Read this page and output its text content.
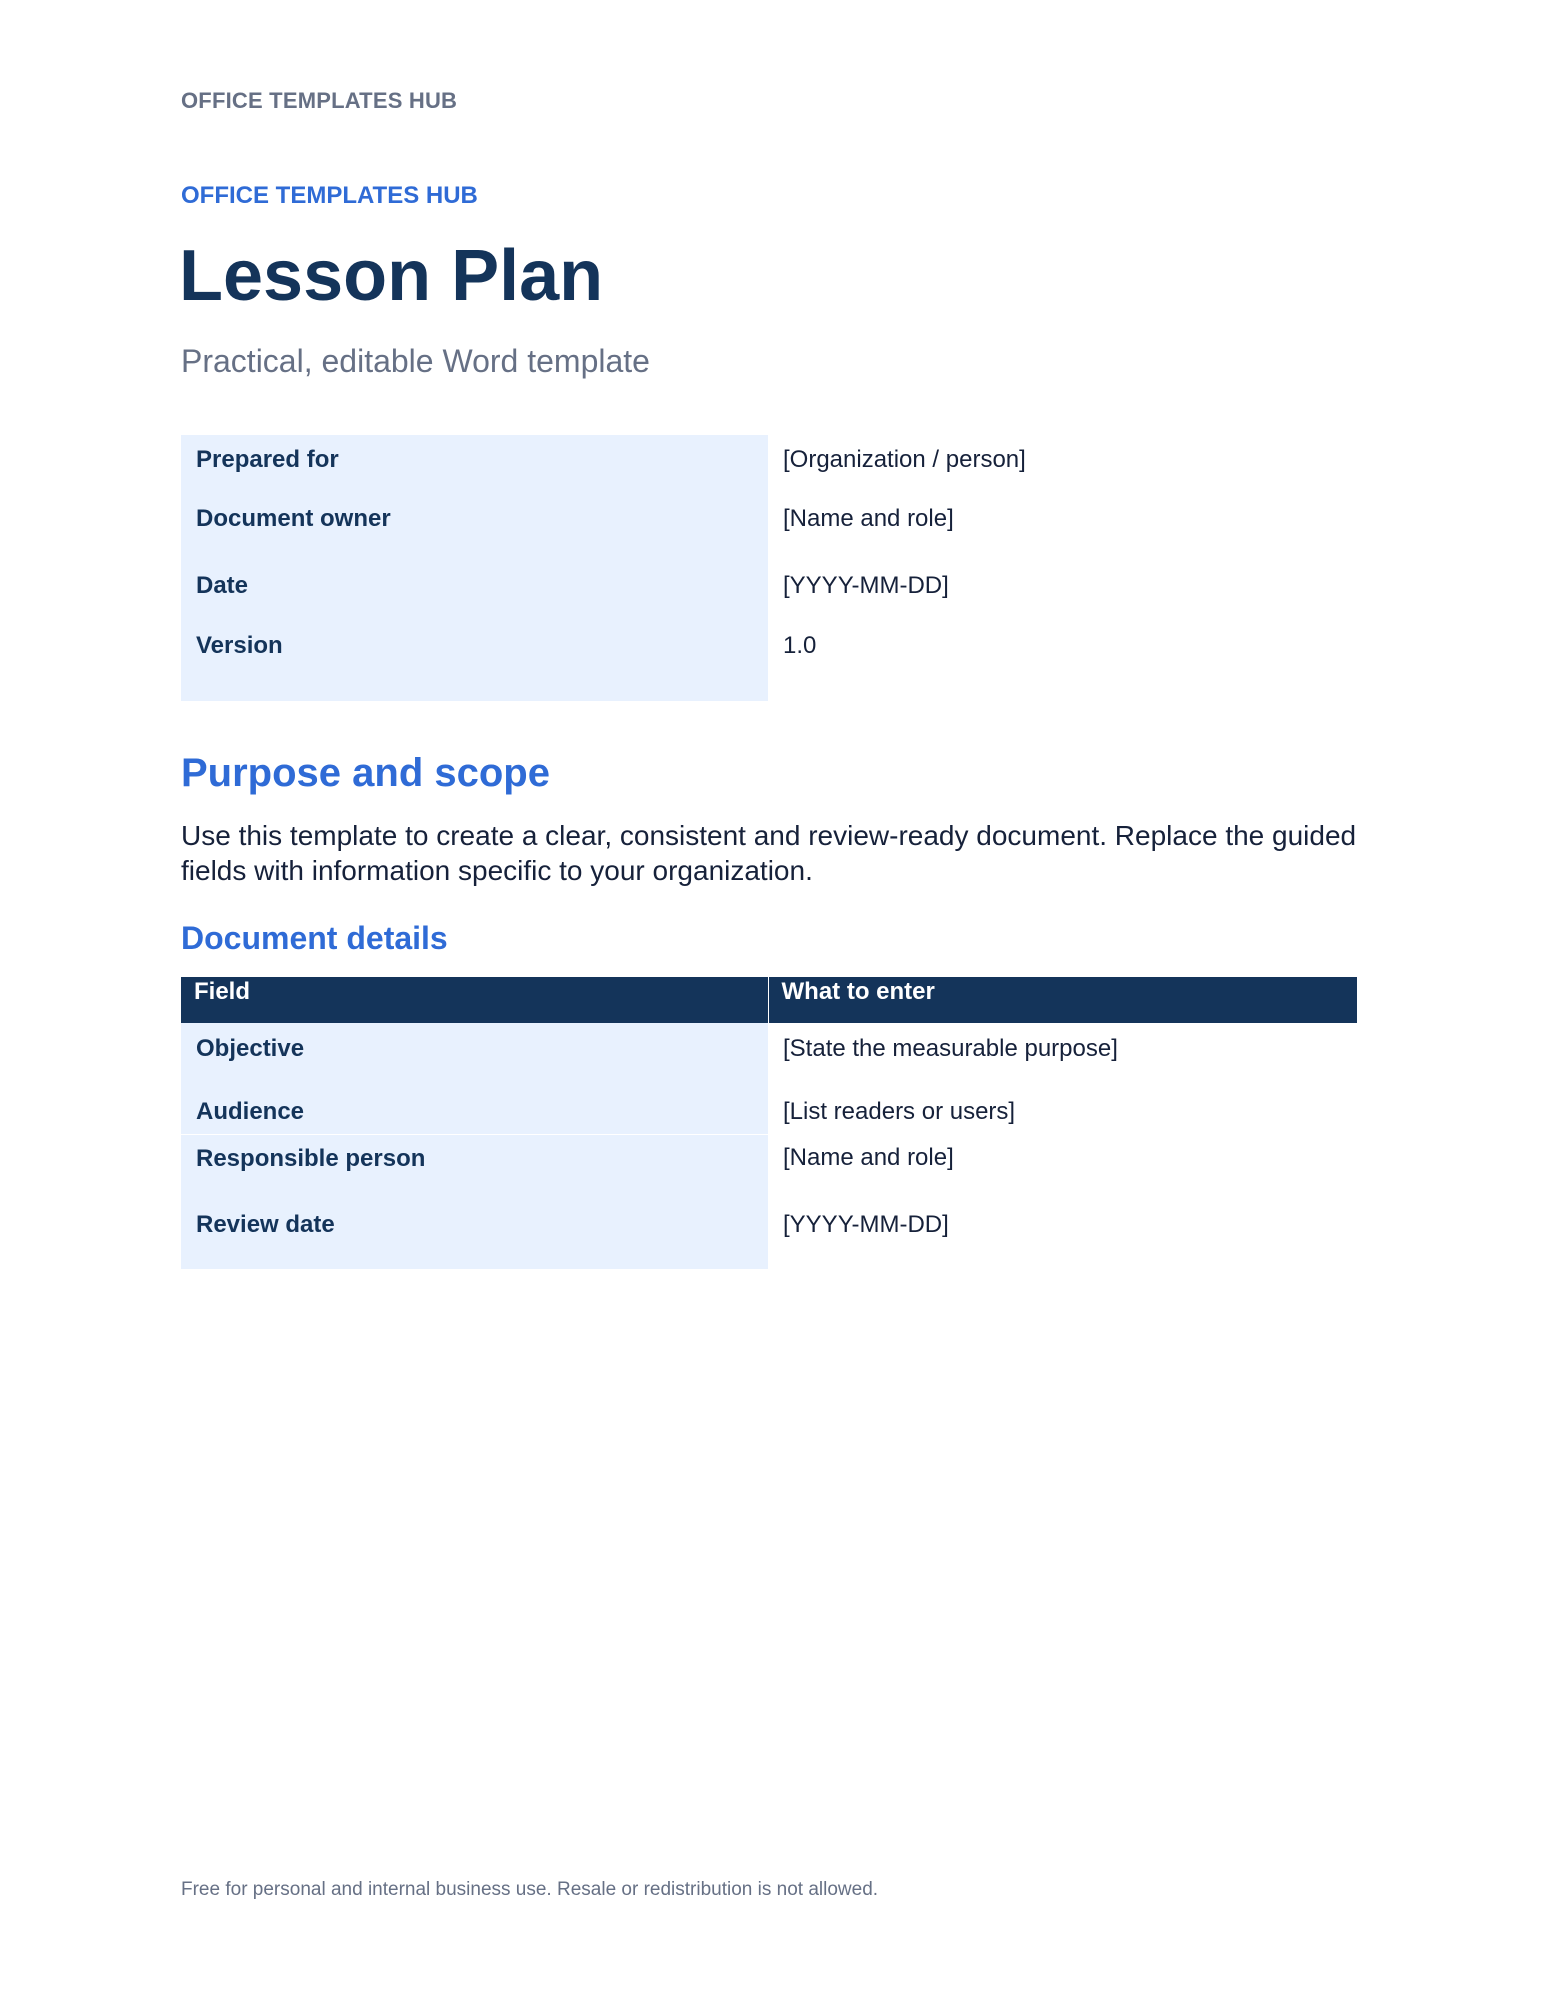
OFFICE TEMPLATES HUB
OFFICE TEMPLATES HUB
Lesson Plan
Practical, editable Word template
Prepared for	[Organization / person]
Document owner	[Name and role]
Date	[YYYY-MM-DD]
Version	1.0
Purpose and scope

Use this template to create a clear, consistent and review-ready document. Replace the guided fields with information specific to your organization.

Document details
Field	What to enter
Objective	[State the measurable purpose]
Audience	[List readers or users]
Responsible person	[Name and role]
Review date	[YYYY-MM-DD]
Free for personal and internal business use. Resale or redistribution is not allowed.
